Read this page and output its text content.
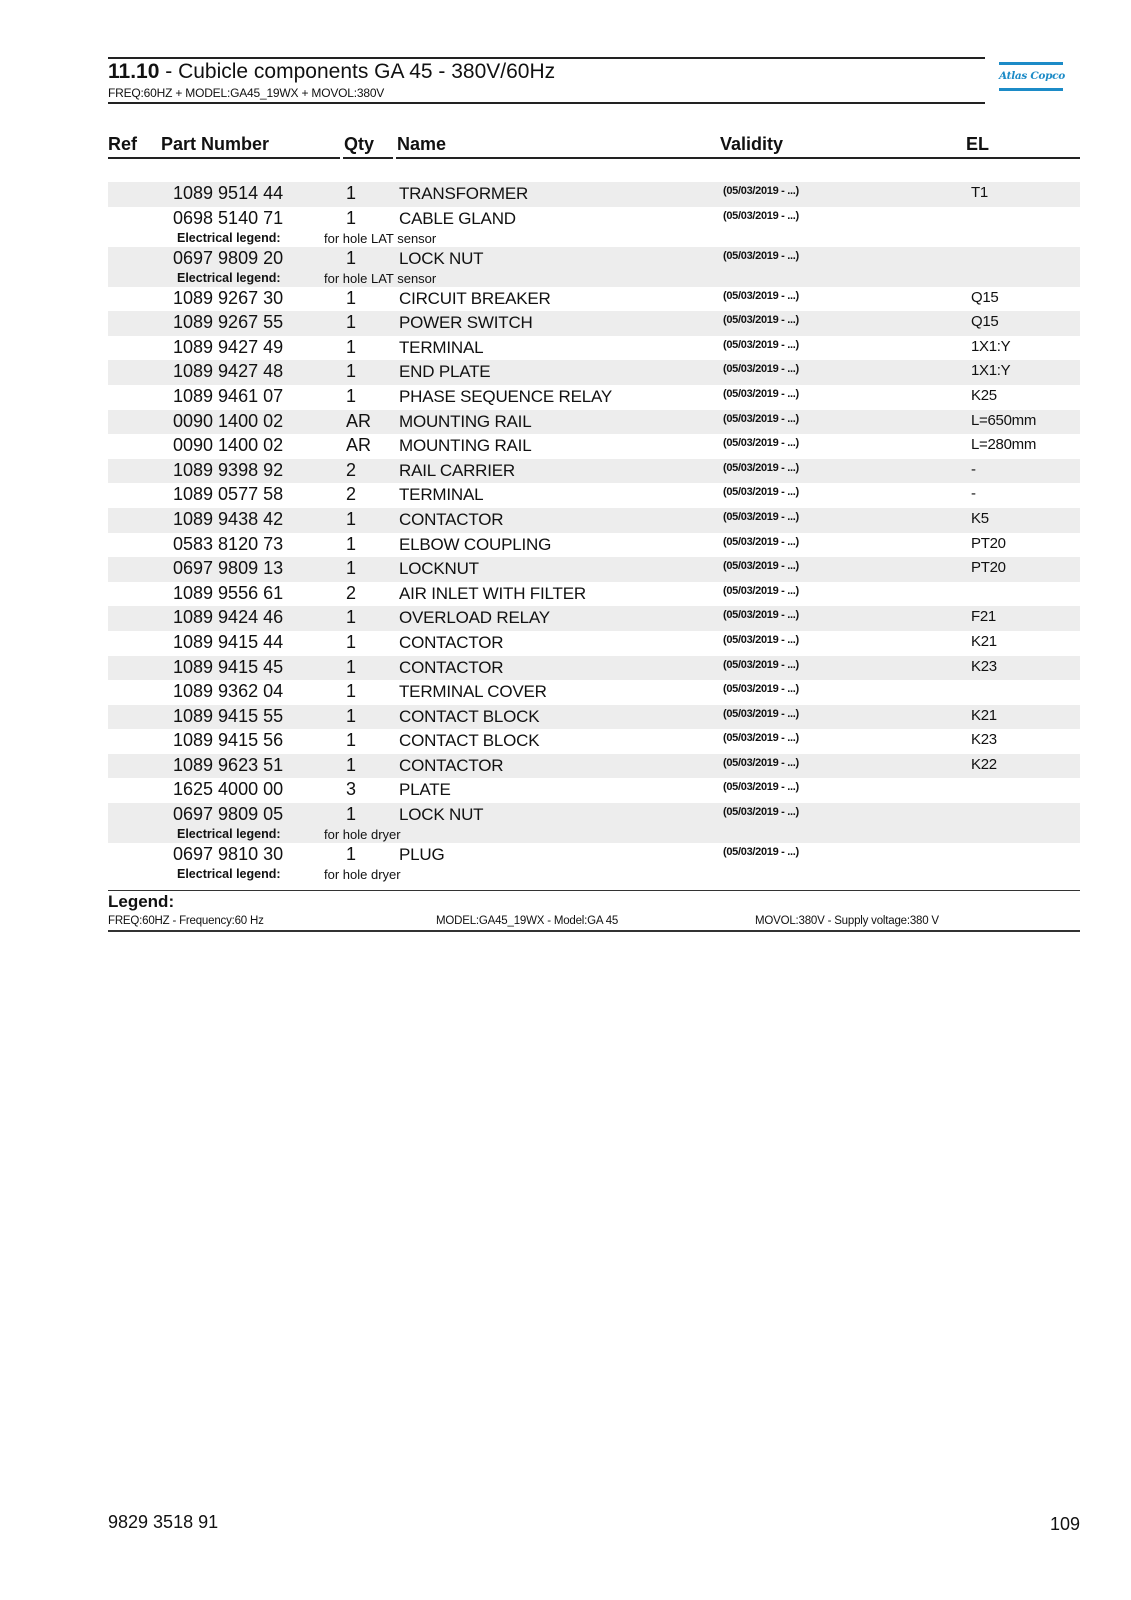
11.10 - Cubicle components GA 45 - 380V/60Hz
FREQ:60HZ + MODEL:GA45_19WX + MOVOL:380V
Atlas Copco
Ref Part Number	Qty Name	Validity	EL
1089 9514 44	1	TRANSFORMER	(05/03/2019 - ...)	T1
0698 5140 71	1	CABLE GLAND	(05/03/2019 - ...)
Electrical legend:	for hole LAT sensor
0697 9809 20	1	LOCK NUT	(05/03/2019 - ...)
Electrical legend:	for hole LAT sensor
1089 9267 30	1	CIRCUIT BREAKER	(05/03/2019 - ...)	Q15
1089 9267 55	1	POWER SWITCH	(05/03/2019 - ...)	Q15
1089 9427 49	1	TERMINAL	(05/03/2019 - ...)	1X1:Y
1089 9427 48	1	END PLATE	(05/03/2019 - ...)	1X1:Y
1089 9461 07	1	PHASE SEQUENCE RELAY	(05/03/2019 - ...)	K25
0090 1400 02	AR MOUNTING RAIL	(05/03/2019 - ...)	L=650mm
0090 1400 02	AR MOUNTING RAIL	(05/03/2019 - ...)	L=280mm
1089 9398 92	2	RAIL CARRIER	(05/03/2019 - ...)	-
1089 0577 58	2	TERMINAL	(05/03/2019 - ...)	-
1089 9438 42	1	CONTACTOR	(05/03/2019 - ...)	K5
0583 8120 73	1	ELBOW COUPLING	(05/03/2019 - ...)	PT20
0697 9809 13	1	LOCKNUT	(05/03/2019 - ...)	PT20
1089 9556 61	2	AIR INLET WITH FILTER	(05/03/2019 - ...)
1089 9424 46	1	OVERLOAD RELAY	(05/03/2019 - ...)	F21
1089 9415 44	1	CONTACTOR	(05/03/2019 - ...)	K21
1089 9415 45	1	CONTACTOR	(05/03/2019 - ...)	K23
1089 9362 04	1	TERMINAL COVER	(05/03/2019 - ...)
1089 9415 55	1	CONTACT BLOCK	(05/03/2019 - ...)	K21
1089 9415 56	1	CONTACT BLOCK	(05/03/2019 - ...)	K23
1089 9623 51	1	CONTACTOR	(05/03/2019 - ...)	K22
1625 4000 00	3	PLATE	(05/03/2019 - ...)
0697 9809 05	1	LOCK NUT	(05/03/2019 - ...)
Electrical legend:	for hole dryer
0697 9810 30	1	PLUG	(05/03/2019 - ...)
Electrical legend:	for hole dryer
Legend:
FREQ:60HZ - Frequency:60 Hz	MODEL:GA45_19WX - Model:GA 45	MOVOL:380V - Supply voltage:380 V
9829 3518 91	109
